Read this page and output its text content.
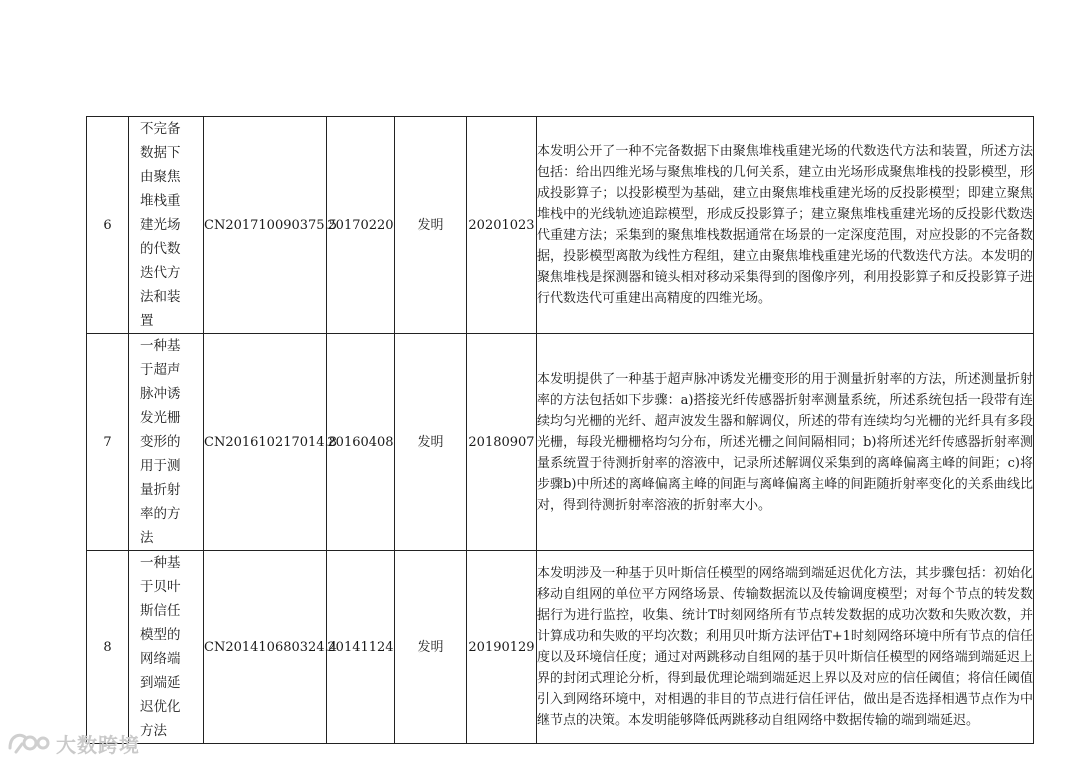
6	不完备数据下由聚焦堆栈重建光场的代数迭代方法和装置	CN201710090375.5	20170220	发明	20201023	本发明公开了一种不完备数据下由聚焦堆栈重建光场的代数迭代方法和装置，所述方法包括：给出四维光场与聚焦堆栈的几何关系，建立由光场形成聚焦堆栈的投影模型，形成投影算子；以投影模型为基础，建立由聚焦堆栈重建光场的反投影模型；即建立聚焦堆栈中的光线轨迹追踪模型，形成反投影算子；建立聚焦堆栈重建光场的反投影代数迭代重建方法；采集到的聚焦堆栈数据通常在场景的一定深度范围，对应投影的不完备数据，投影模型离散为线性方程组，建立由聚焦堆栈重建光场的代数迭代方法。本发明的聚焦堆栈是探测器和镜头相对移动采集得到的图像序列，利用投影算子和反投影算子进行代数迭代可重建出高精度的四维光场。
7	一种基于超声脉冲诱发光栅变形的用于测量折射率的方法	CN201610217014.8	20160408	发明	20180907	本发明提供了一种基于超声脉冲诱发光栅变形的用于测量折射率的方法，所述测量折射率的方法包括如下步骤：a)搭接光纤传感器折射率测量系统，所述系统包括一段带有连续均匀光栅的光纤、超声波发生器和解调仪，所述的带有连续均匀光栅的光纤具有多段光栅，每段光栅栅格均匀分布，所述光栅之间间隔相同；b)将所述光纤传感器折射率测量系统置于待测折射率的溶液中，记录所述解调仪采集到的离峰偏离主峰的间距；c)将步骤b)中所述的离峰偏离主峰的间距与离峰偏离主峰的间距随折射率变化的关系曲线比对，得到待测折射率溶液的折射率大小。
8	一种基于贝叶斯信任模型的网络端到端延迟优化方法	CN201410680324.4	20141124	发明	20190129	本发明涉及一种基于贝叶斯信任模型的网络端到端延迟优化方法，其步骤包括：初始化移动自组网的单位平方网络场景、传输数据流以及传输调度模型；对每个节点的转发数据行为进行监控，收集、统计T时刻网络所有节点转发数据的成功次数和失败次数，并计算成功和失败的平均次数；利用贝叶斯方法评估T+1时刻网络环境中所有节点的信任度以及环境信任度；通过对两跳移动自组网的基于贝叶斯信任模型的网络端到端延迟上界的封闭式理论分析，得到最优理论端到端延迟上界以及对应的信任阈值；将信任阈值引入到网络环境中，对相遇的非目的节点进行信任评估，做出是否选择相遇节点作为中继节点的决策。本发明能够降低两跳移动自组网络中数据传输的端到端延迟。
大数跨境
